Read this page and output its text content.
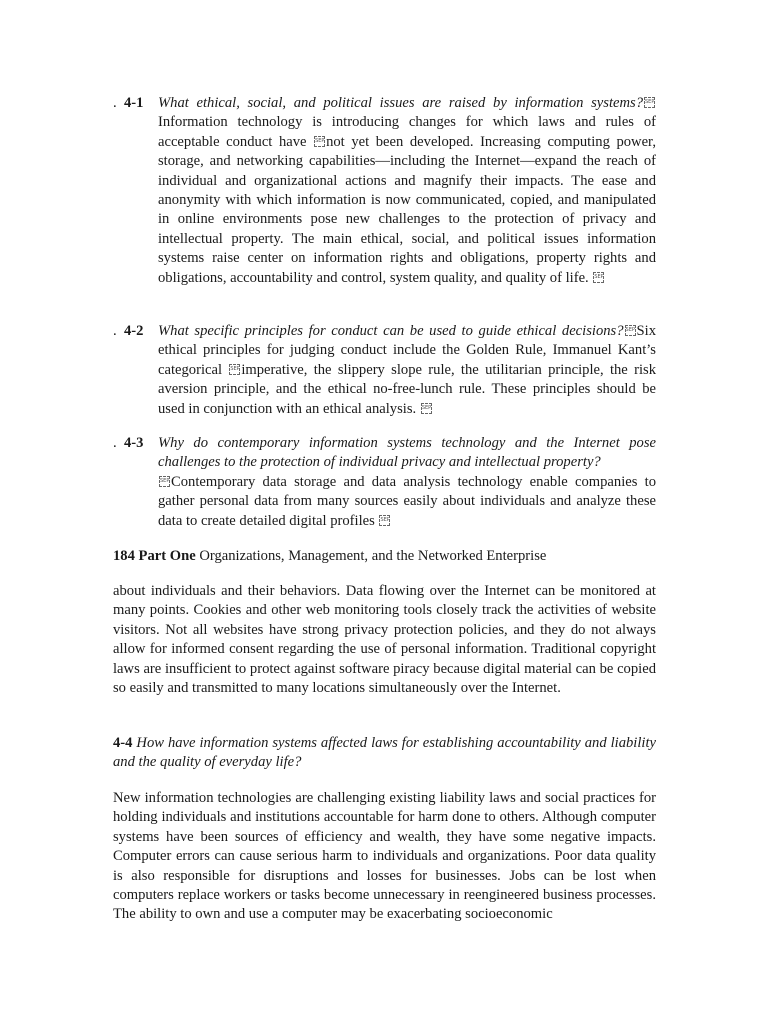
. 4-1 What ethical, social, and political issues are raised by information systems? SEPInformation technology is introducing changes for which laws and rules of acceptable conduct have SEP not yet been developed. Increasing computing power, storage, and networking capabilities—including the Internet—expand the reach of individual and organizational actions and magnify their impacts. The ease and anonymity with which information is now communicated, copied, and manipulated in online environments pose new challenges to the protection of privacy and intellectual property. The main ethical, social, and political issues information systems raise center on information rights and obligations, property rights and obligations, accountability and control, system quality, and quality of life. SEP
. 4-2 What specific principles for conduct can be used to guide ethical decisions? SEP Six ethical principles for judging conduct include the Golden Rule, Immanuel Kant’s categorical SEP imperative, the slippery slope rule, the utilitarian principle, the risk aversion principle, and the ethical no-free-lunch rule. These principles should be used in conjunction with an ethical analysis. SEP
. 4-3 Why do contemporary information systems technology and the Internet pose challenges to the protection of individual privacy and intellectual property?
SEP Contemporary data storage and data analysis technology enable companies to gather personal data from many sources easily about individuals and analyze these data to create detailed digital profiles SEP
184 Part One Organizations, Management, and the Networked Enterprise
about individuals and their behaviors. Data flowing over the Internet can be monitored at many points. Cookies and other web monitoring tools closely track the activities of website visitors. Not all websites have strong privacy protection policies, and they do not always allow for informed consent regarding the use of personal information. Traditional copyright laws are insufficient to protect against software piracy because digital material can be copied so easily and transmitted to many locations simultaneously over the Internet.
4-4 How have information systems affected laws for establishing accountability and liability and the quality of everyday life?
New information technologies are challenging existing liability laws and social practices for holding individuals and institutions accountable for harm done to others. Although computer systems have been sources of efficiency and wealth, they have some negative impacts. Computer errors can cause serious harm to individuals and organizations. Poor data quality is also responsible for disruptions and losses for businesses. Jobs can be lost when computers replace workers or tasks become unnecessary in reengineered business processes. The ability to own and use a computer may be exacerbating socioeconomic
